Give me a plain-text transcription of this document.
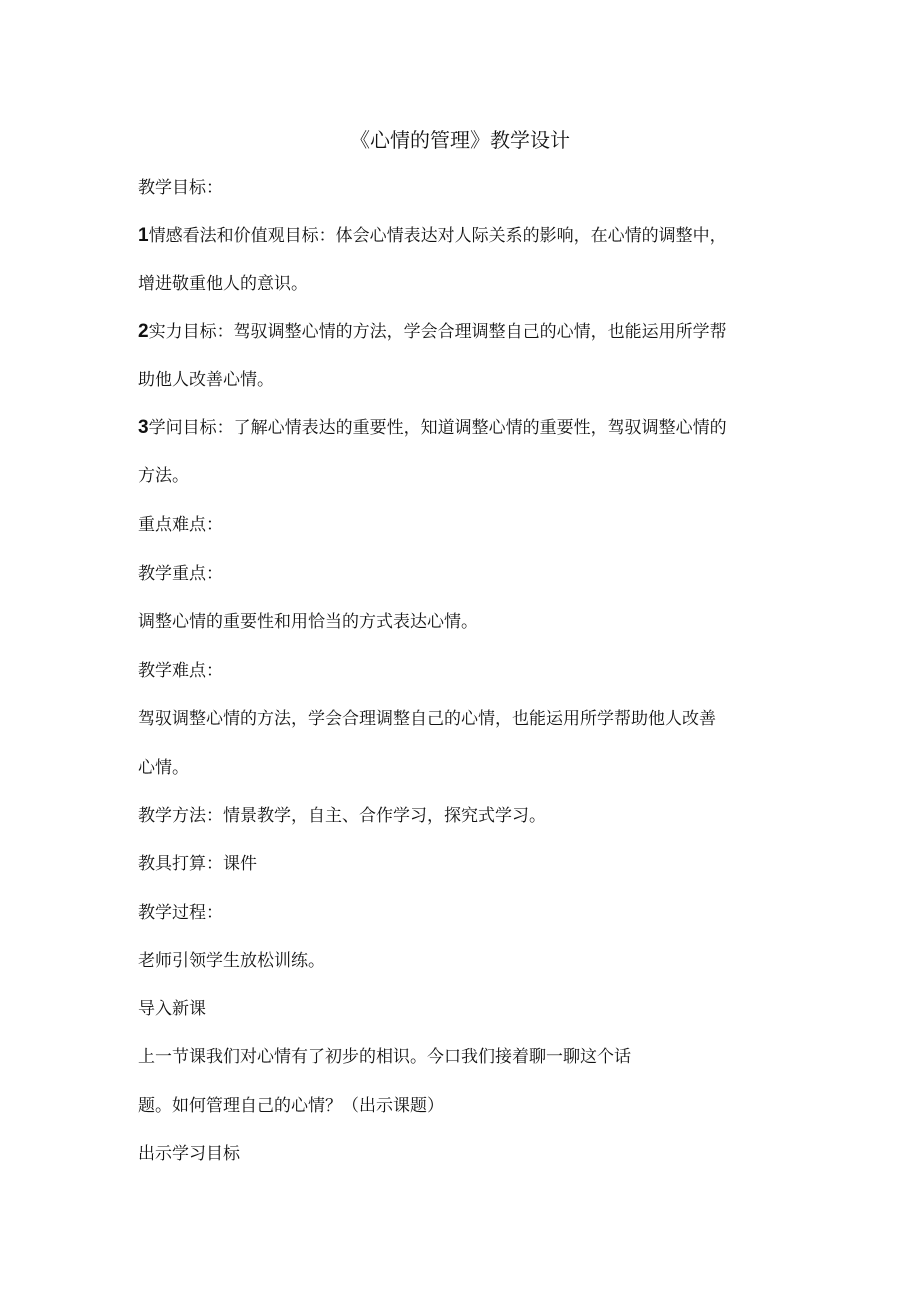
《心情的管理》教学设计

教学目标：

1情感看法和价值观目标：体会心情表达对人际关系的影响，在心情的调整中，

增进敬重他人的意识。

2实力目标：驾驭调整心情的方法，学会合理调整自己的心情，也能运用所学帮

助他人改善心情。

3学问目标：了解心情表达的重要性，知道调整心情的重要性，驾驭调整心情的

方法。

重点难点：

教学重点：

调整心情的重要性和用恰当的方式表达心情。

教学难点：

驾驭调整心情的方法，学会合理调整自己的心情，也能运用所学帮助他人改善

心情。

教学方法：情景教学，自主、合作学习，探究式学习。

教具打算：课件

教学过程：

老师引领学生放松训练。

导入新课

上一节课我们对心情有了初步的相识。今口我们接着聊一聊这个话

题。如何管理自己的心情？（出示课题）

出示学习目标
